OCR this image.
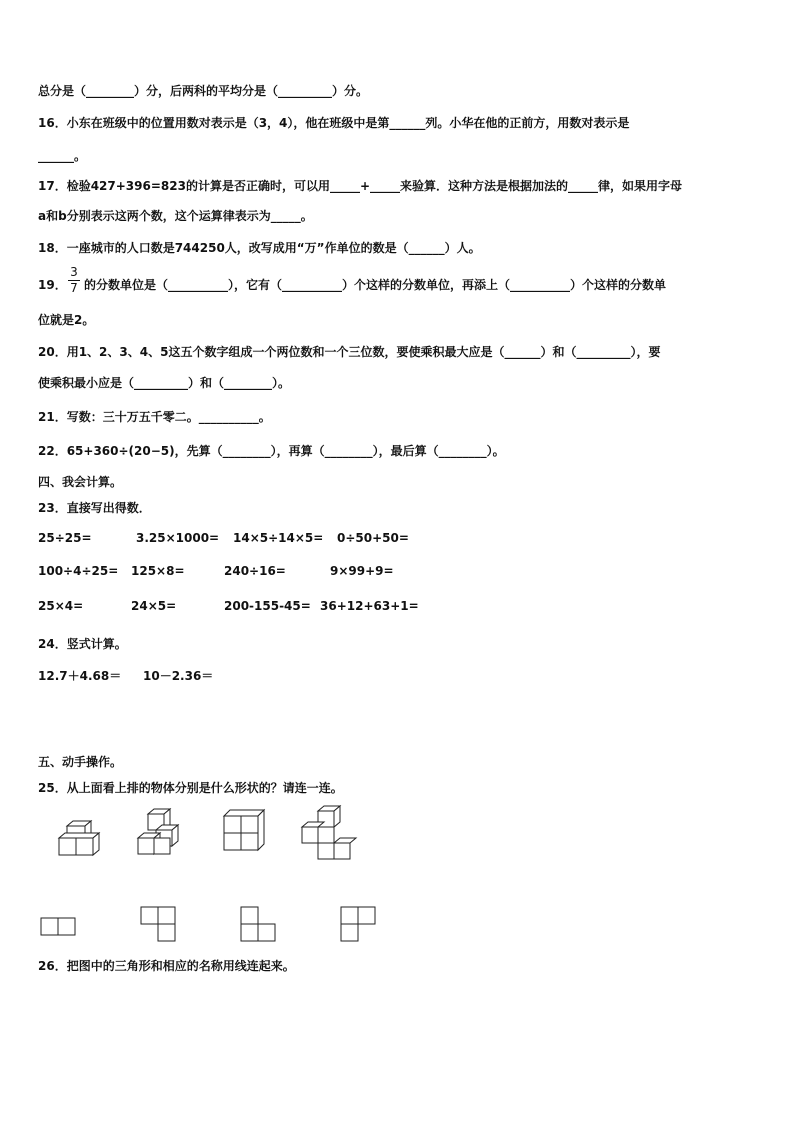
总分是（________）分，后两科的平均分是（_________）分。
16．小东在班级中的位置用数对表示是（3，4），他在班级中是第______列。小华在他的正前方，用数对表示是
______。
17．检验427+396=823的计算是否正确时，可以用_____+_____来验算．这种方法是根据加法的_____律，如果用字母
a和b分别表示这两个数，这个运算律表示为_____。
18．一座城市的人口数是744250人，改写成用“万”作单位的数是（______）人。
19．
3
7 的分数单位是（__________），它有（__________）个这样的分数单位，再添上（__________）个这样的分数单
位就是2。
20．用1、2、3、4、5这五个数字组成一个两位数和一个三位数，要使乘积最大应是（______）和（_________），要
使乘积最小应是（_________）和（________）。
21．写数：三十万五千零二。__________。
22．65+360÷(20−5)，先算（________），再算（________），最后算（________）。
四、我会计算。
23．直接写出得数．
25÷25=	3.25×1000= 14×5÷14×5= 0÷50+50=
100÷4÷25= 125×8=	240÷16=	9×99+9=
25×4=	24×5=	200-155-45= 36+12+63+1=
24．竖式计算。
12.7＋4.68＝ 10－2.36＝
五、动手操作。
25．从上面看上排的物体分别是什么形状的？请连一连。
26．把图中的三角形和相应的名称用线连起来。
